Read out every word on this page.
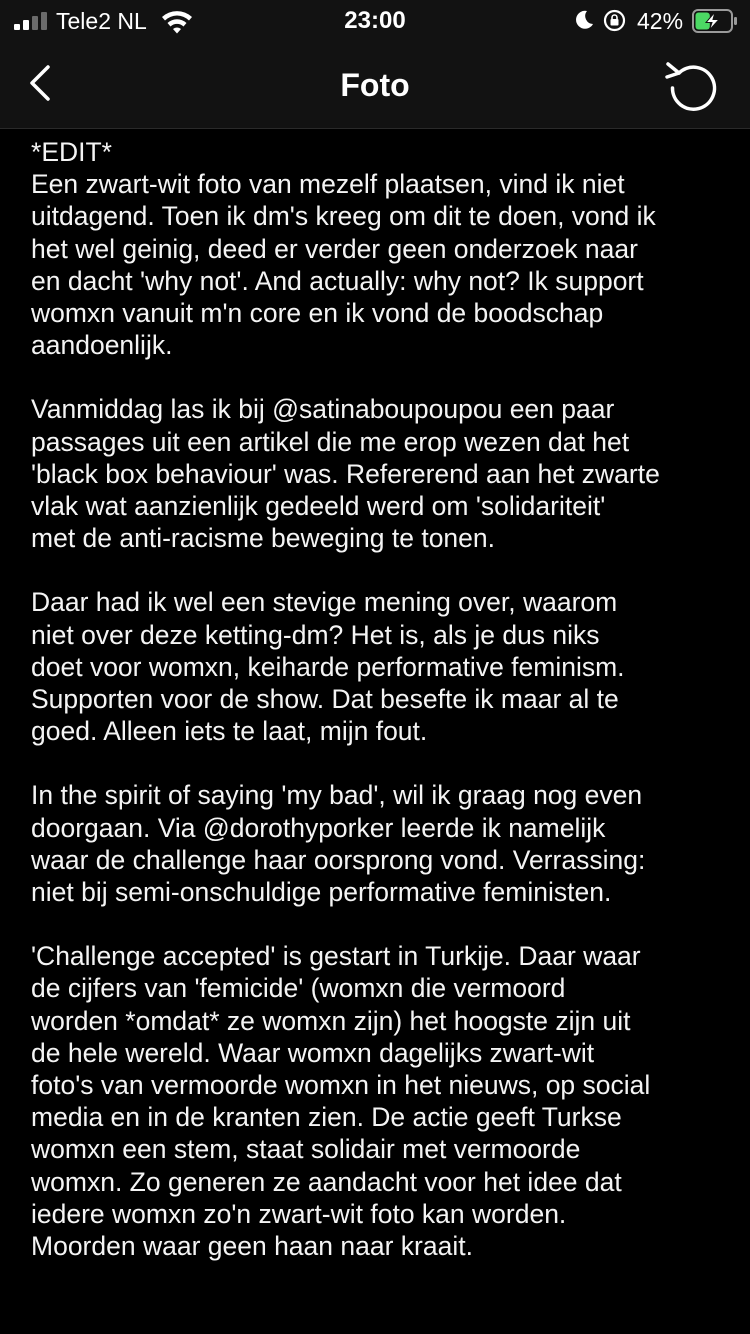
Tele2 NL	23:00	42%
Foto

*EDIT*

Een zwart-wit foto van mezelf plaatsen, vind ik niet

uitdagend. Toen ik dm's kreeg om dit te doen, vond ik

het wel geinig, deed er verder geen onderzoek naar

en dacht 'why not'. And actually: why not? Ik support

womxn vanuit m'n core en ik vond de boodschap

aandoenlijk.

Vanmiddag las ik bij @satinaboupoupou een paar

passages uit een artikel die me erop wezen dat het

'black box behaviour' was. Refererend aan het zwarte

vlak wat aanzienlijk gedeeld werd om 'solidariteit'

met de anti-racisme beweging te tonen.

Daar had ik wel een stevige mening over, waarom

niet over deze ketting-dm? Het is, als je dus niks

doet voor womxn, keiharde performative feminism.

Supporten voor de show. Dat besefte ik maar al te

goed. Alleen iets te laat, mijn fout.

In the spirit of saying 'my bad', wil ik graag nog even

doorgaan. Via @dorothyporker leerde ik namelijk

waar de challenge haar oorsprong vond. Verrassing:

niet bij semi-onschuldige performative feministen.

'Challenge accepted' is gestart in Turkije. Daar waar

de cijfers van 'femicide' (womxn die vermoord

worden *omdat* ze womxn zijn) het hoogste zijn uit

de hele wereld. Waar womxn dagelijks zwart-wit

foto's van vermoorde womxn in het nieuws, op social

media en in de kranten zien. De actie geeft Turkse

womxn een stem, staat solidair met vermoorde

womxn. Zo generen ze aandacht voor het idee dat

iedere womxn zo'n zwart-wit foto kan worden.

Moorden waar geen haan naar kraait.
